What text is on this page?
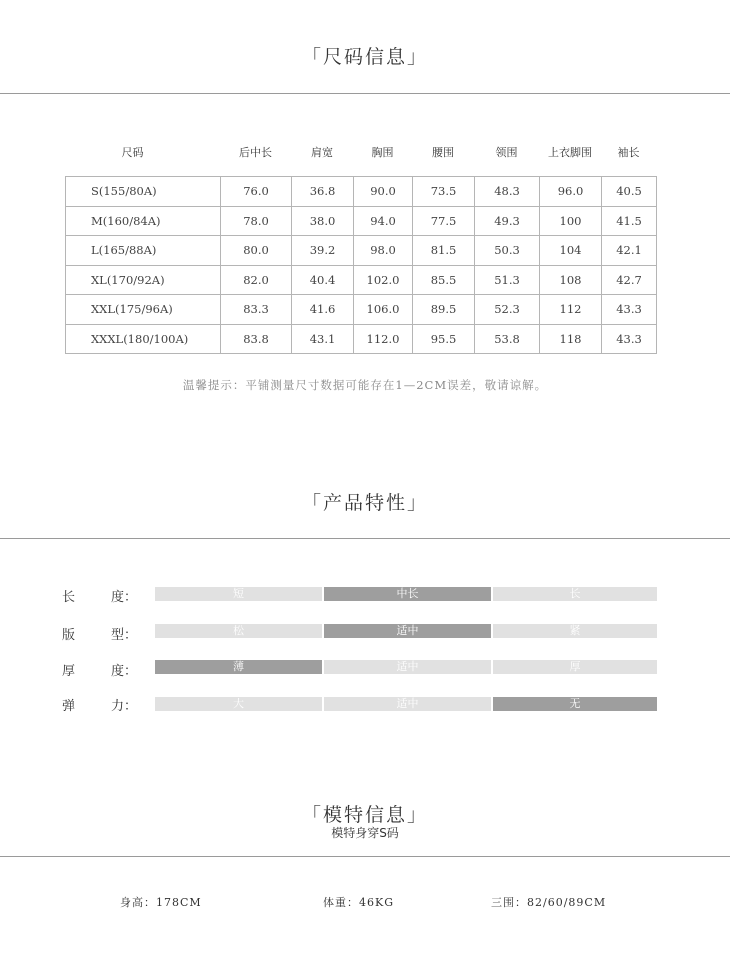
「尺码信息」
尺码	后中长	肩宽	胸围	腰围	领围	上衣脚围	袖长
S(155/80A)	76.0	36.8	90.0	73.5	48.3	96.0	40.5
M(160/84A)	78.0	38.0	94.0	77.5	49.3	100	41.5
L(165/88A)	80.0	39.2	98.0	81.5	50.3	104	42.1
XL(170/92A)	82.0	40.4	102.0	85.5	51.3	108	42.7
XXL(175/96A)	83.3	41.6	106.0	89.5	52.3	112	43.3
XXXL(180/100A)	83.8	43.1	112.0	95.5	53.8	118	43.3
温馨提示：平铺测量尺寸数据可能存在1—2CM误差，敬请谅解。
「产品特性」
长	度：	短	中长	长
版	型：	松	适中	紧
厚	度：	薄	适中	厚
弹	力：	大	适中	无
「模特信息」
模特身穿S码
身高：178CM	体重：46KG	三围：82/60/89CM
